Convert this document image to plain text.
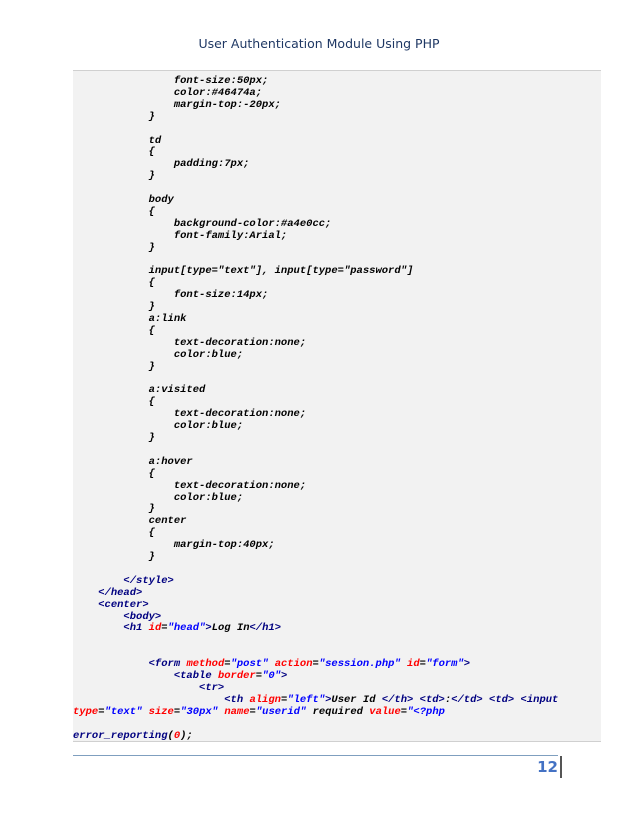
User Authentication Module Using PHP
font-size:50px;
color:#46474a;
margin-top:-20px;
}
td
{
padding:7px;
}
body
{
background-color:#a4e0cc;
font-family:Arial;
}
input[type="text"], input[type="password"]
{
font-size:14px;
}
a:link
{
text-decoration:none;
color:blue;
}
a:visited
{
text-decoration:none;
color:blue;
}
a:hover
{
text-decoration:none;
color:blue;
}
center
{
margin-top:40px;
}
</style>
</head>
<center>
<body>
<h1 id="head">Log In</h1>
<form method="post" action="session.php" id="form">
<table border="0">
<tr>
<th align="left">User Id </th> <td>:</td> <td> <input
type="text" size="30px" name="userid" required value="<?php
error_reporting(0);
12
